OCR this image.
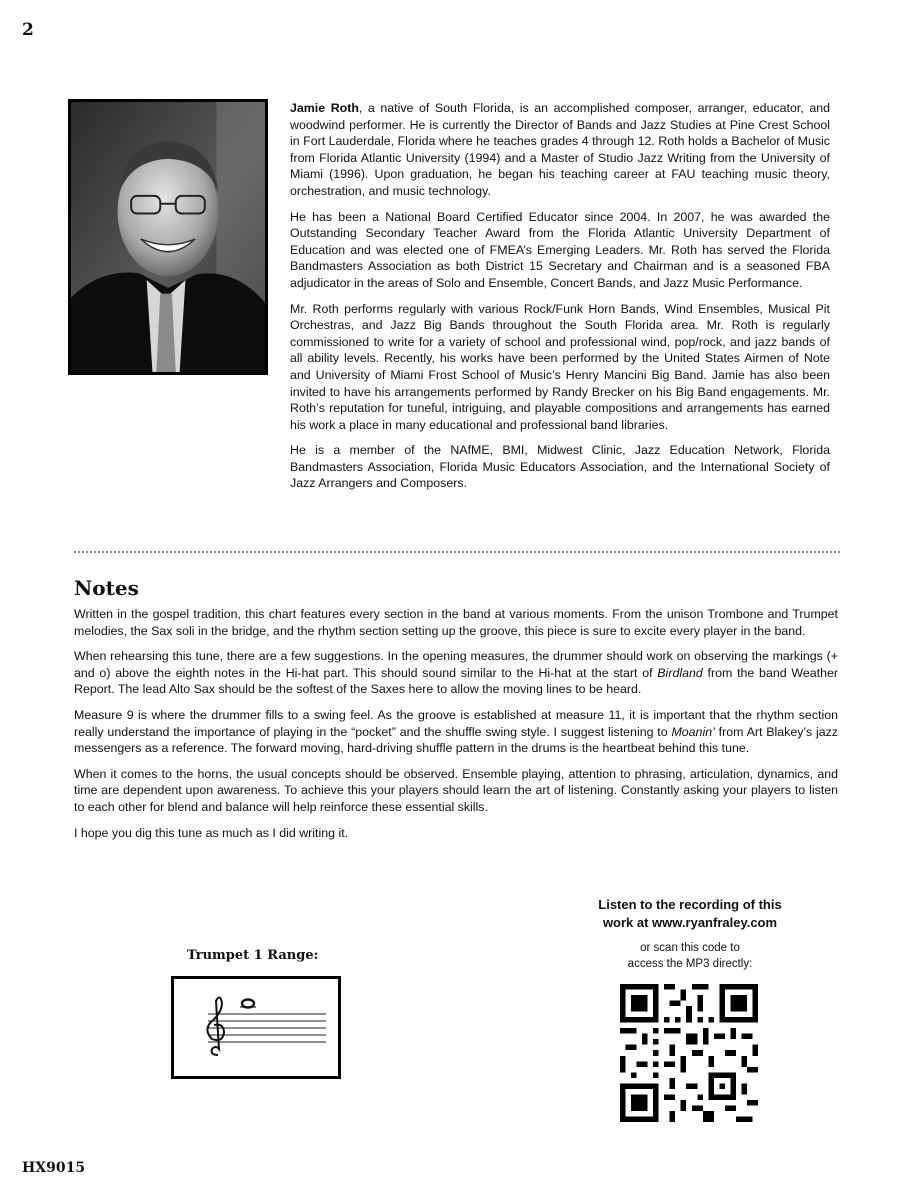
2

Jamie Roth, a native of South Florida, is an accomplished composer, arranger, educator, and woodwind performer. He is currently the Director of Bands and Jazz Studies at Pine Crest School in Fort Lauderdale, Florida where he teaches grades 4 through 12. Roth holds a Bachelor of Music from Florida Atlantic University (1994) and a Master of Studio Jazz Writing from the University of Miami (1996). Upon graduation, he began his teaching career at FAU teaching music theory, orchestration, and music technology.

He has been a National Board Certified Educator since 2004. In 2007, he was awarded the Outstanding Secondary Teacher Award from the Florida Atlantic University Department of Education and was elected one of FMEA’s Emerging Leaders. Mr. Roth has served the Florida Bandmasters Association as both District 15 Secretary and Chairman and is a seasoned FBA adjudicator in the areas of Solo and Ensemble, Concert Bands, and Jazz Music Performance.

Mr. Roth performs regularly with various Rock/Funk Horn Bands, Wind Ensembles, Musical Pit Orchestras, and Jazz Big Bands throughout the South Florida area. Mr. Roth is regularly commissioned to write for a variety of school and professional wind, pop/rock, and jazz bands of all ability levels. Recently, his works have been performed by the United States Airmen of Note and University of Miami Frost School of Music’s Henry Mancini Big Band. Jamie has also been invited to have his arrangements performed by Randy Brecker on his Big Band engagements. Mr. Roth’s reputation for tuneful, intriguing, and playable compositions and arrangements has earned his work a place in many educational and professional band libraries.

He is a member of the NAfME, BMI, Midwest Clinic, Jazz Education Network, Florida Bandmasters Association, Florida Music Educators Association, and the International Society of Jazz Arrangers and Composers.

Notes

Written in the gospel tradition, this chart features every section in the band at various moments. From the unison Trombone and Trumpet melodies, the Sax soli in the bridge, and the rhythm section setting up the groove, this piece is sure to excite every player in the band.

When rehearsing this tune, there are a few suggestions. In the opening measures, the drummer should work on observing the markings (+ and o) above the eighth notes in the Hi-hat part. This should sound similar to the Hi-hat at the start of Birdland from the band Weather Report. The lead Alto Sax should be the softest of the Saxes here to allow the moving lines to be heard.

Measure 9 is where the drummer fills to a swing feel. As the groove is established at measure 11, it is important that the rhythm section really understand the importance of playing in the “pocket” and the shuffle swing style. I suggest listening to Moanin’ from Art Blakey’s jazz messengers as a reference. The forward moving, hard-driving shuffle pattern in the drums is the heartbeat behind this tune.

When it comes to the horns, the usual concepts should be observed. Ensemble playing, attention to phrasing, articulation, dynamics, and time are dependent upon awareness. To achieve this your players should learn the art of listening. Constantly asking your players to listen to each other for blend and balance will help reinforce these essential skills.

I hope you dig this tune as much as I did writing it.

Trumpet 1 Range:
Listen to the recording of this
work at www.ryanfraley.com
or scan this code to
access the MP3 directly:
HX9015
